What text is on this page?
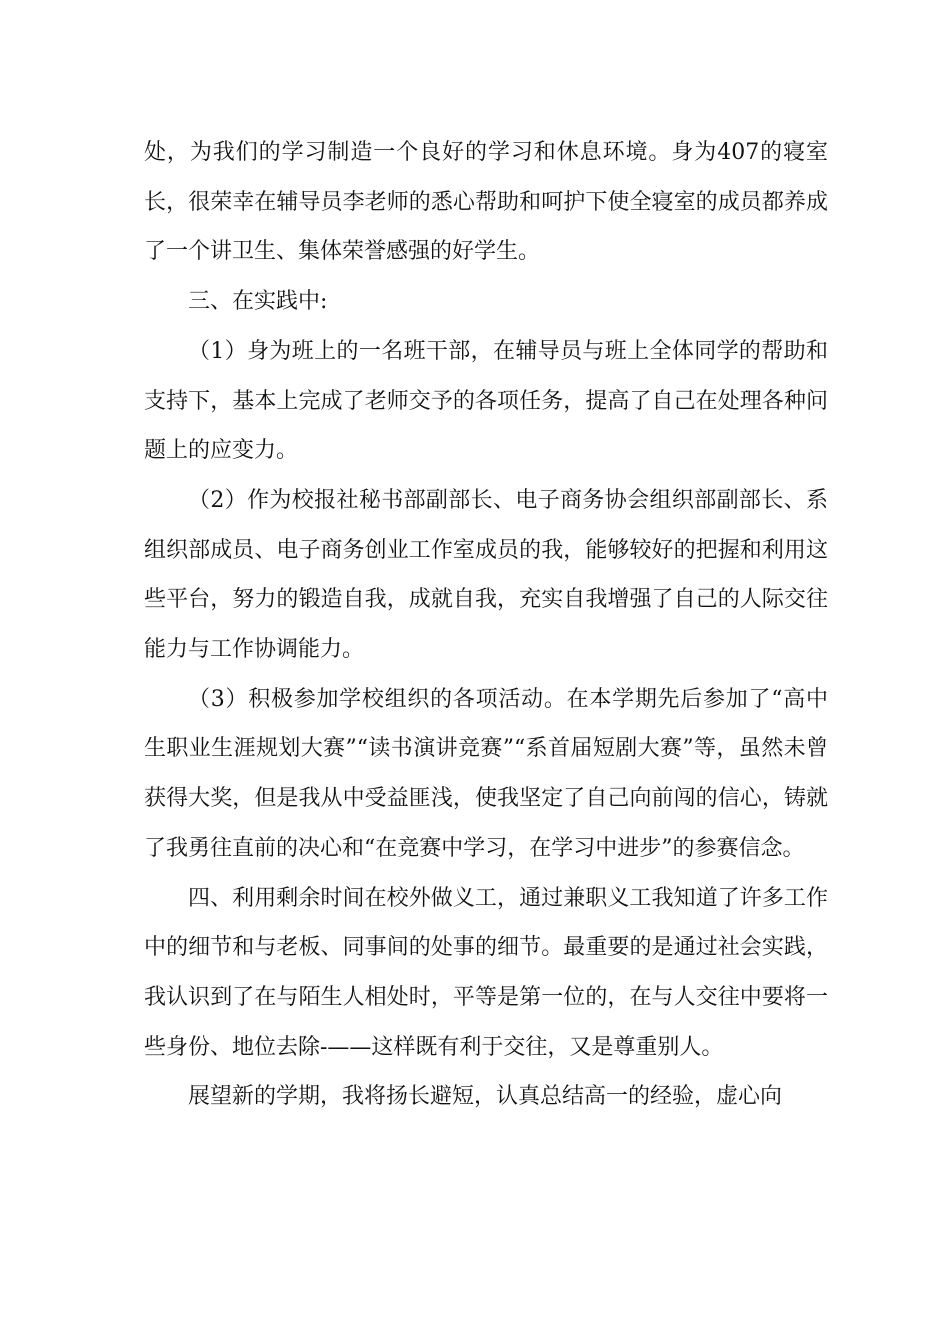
处，为我们的学习制造一个良好的学习和休息环境。身为407的寝室长，很荣幸在辅导员李老师的悉心帮助和呵护下使全寝室的成员都养成了一个讲卫生、集体荣誉感强的好学生。

三、在实践中:

（1）身为班上的一名班干部，在辅导员与班上全体同学的帮助和支持下，基本上完成了老师交予的各项任务，提高了自己在处理各种问题上的应变力。

（2）作为校报社秘书部副部长、电子商务协会组织部副部长、系组织部成员、电子商务创业工作室成员的我，能够较好的把握和利用这些平台，努力的锻造自我，成就自我，充实自我增强了自己的人际交往能力与工作协调能力。

（3）积极参加学校组织的各项活动。在本学期先后参加了“高中生职业生涯规划大赛”“读书演讲竞赛”“系首届短剧大赛”等，虽然未曾获得大奖，但是我从中受益匪浅，使我坚定了自己向前闯的信心，铸就了我勇往直前的决心和“在竞赛中学习，在学习中进步”的参赛信念。

四、利用剩余时间在校外做义工，通过兼职义工我知道了许多工作中的细节和与老板、同事间的处事的细节。最重要的是通过社会实践，我认识到了在与陌生人相处时，平等是第一位的，在与人交往中要将一些身份、地位去除-——这样既有利于交往，又是尊重别人。

展望新的学期，我将扬长避短，认真总结高一的经验，虚心向
